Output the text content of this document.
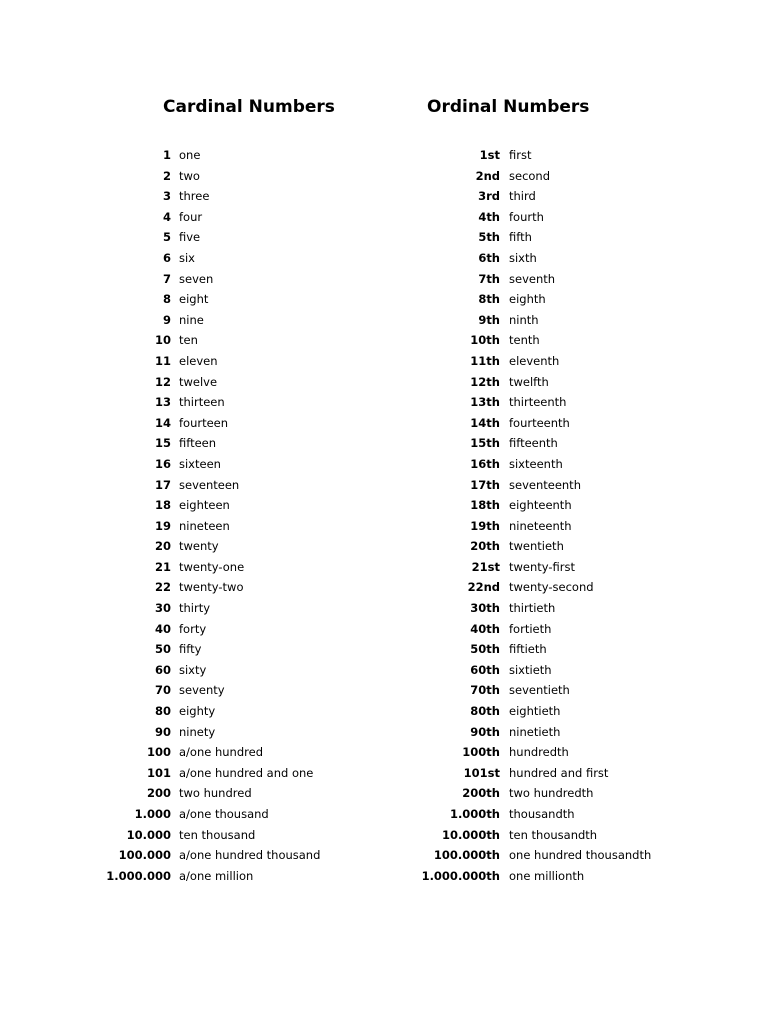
Cardinal Numbers	Ordinal Numbers
1 one
2 two
3 three
4 four
5 five
6 six
7 seven
8 eight
9 nine
10 ten
11 eleven
12 twelve
13 thirteen
14 fourteen
15 fifteen
16 sixteen
17 seventeen
18 eighteen
19 nineteen
20 twenty
21 twenty-one
22 twenty-two
30 thirty
40 forty
50 fifty
60 sixty
70 seventy
80 eighty
90 ninety
100 a/one hundred
101 a/one hundred and one
200 two hundred
1.000 a/one thousand
10.000 ten thousand
100.000 a/one hundred thousand
1.000.000 a/one million
1st first
2nd second
3rd third
4th fourth
5th fifth
6th sixth
7th seventh
8th eighth
9th ninth
10th tenth
11th eleventh
12th twelfth
13th thirteenth
14th fourteenth
15th fifteenth
16th sixteenth
17th seventeenth
18th eighteenth
19th nineteenth
20th twentieth
21st twenty-first
22nd twenty-second
30th thirtieth
40th fortieth
50th fiftieth
60th sixtieth
70th seventieth
80th eightieth
90th ninetieth
100th hundredth
101st hundred and first
200th two hundredth
1.000th thousandth
10.000th ten thousandth
100.000th one hundred thousandth
1.000.000th one millionth
